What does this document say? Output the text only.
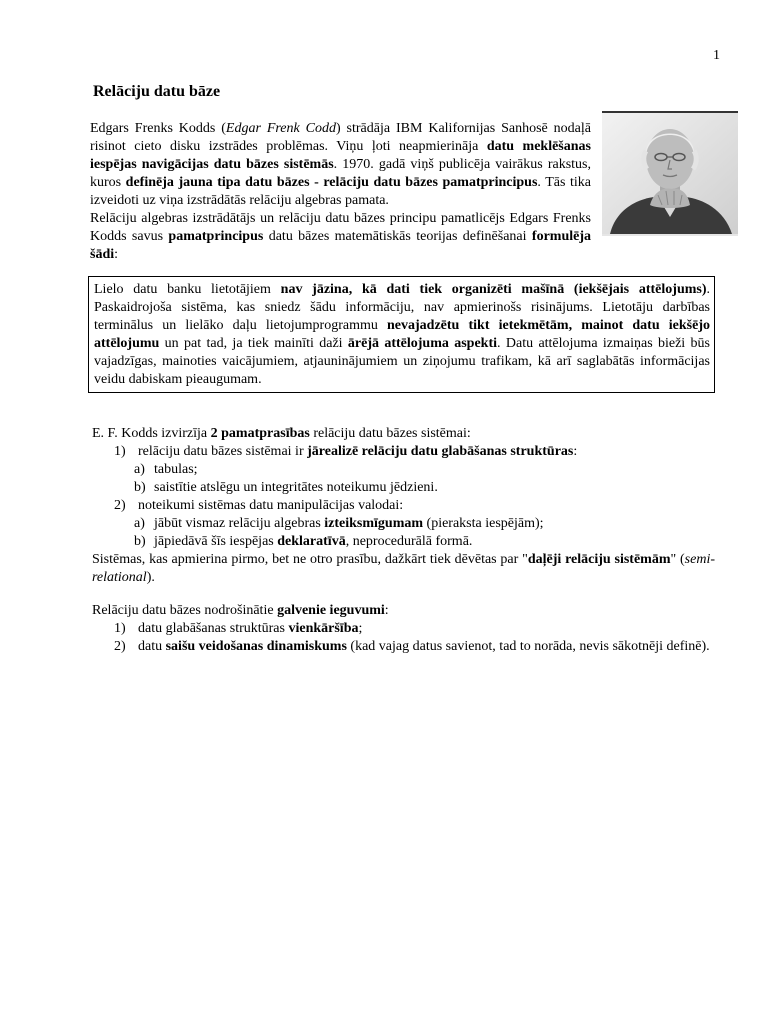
1
Relāciju datu bāze

Edgars Frenks Kodds (Edgar Frenk Codd) strādāja IBM Kalifornijas Sanhosē nodaļā risinot cieto disku izstrādes problēmas. Viņu ļoti neapmierināja datu meklēšanas iespējas navigācijas datu bāzes sistēmās. 1970. gadā viņš publicēja vairākus rakstus, kuros definēja jauna tipa datu bāzes - relāciju datu bāzes pamatprincipus. Tās tika izveidoti uz viņa izstrādātās relāciju algebras pamata.
Relāciju algebras izstrādātājs un relāciju datu bāzes principu pamatlicējs Edgars Frenks Kodds savus pamatprincipus datu bāzes matemātiskās teorijas definēšanai formulēja šādi:

Lielo datu banku lietotājiem nav jāzina, kā dati tiek organizēti mašīnā (iekšējais attēlojums). Paskaidrojoša sistēma, kas sniedz šādu informāciju, nav apmierinošs risinājums. Lietotāju darbības terminālus un lielāko daļu lietojumprogrammu nevajadzētu tikt ietekmētām, mainot datu iekšējo attēlojumu un pat tad, ja tiek mainīti daži ārējā attēlojuma aspekti. Datu attēlojuma izmaiņas bieži būs vajadzīgas, mainoties vaicājumiem, atjauninājumiem un ziņojumu trafikam, kā arī saglabātās informācijas veidu dabiskam pieaugumam.

E. F. Kodds izvirzīja 2 pamatprasības relāciju datu bāzes sistēmai:

1) relāciju datu bāzes sistēmai ir jārealizē relāciju datu glabāšanas struktūras:
a) tabulas;
b) saistītie atslēgu un integritātes noteikumu jēdzieni.
2) noteikumi sistēmas datu manipulācijas valodai:
a) jābūt vismaz relāciju algebras izteiksmīgumam (pieraksta iespējām);
b) jāpiedāvā šīs iespējas deklaratīvā, neprocedurālā formā.

Sistēmas, kas apmierina pirmo, bet ne otro prasību, dažkārt tiek dēvētas par "daļēji relāciju sistēmām" (semi-relational).

Relāciju datu bāzes nodrošinātie galvenie ieguvumi:

1) datu glabāšanas struktūras vienkāršība;
2) datu saišu veidošanas dinamiskums (kad vajag datus savienot, tad to norāda, nevis sākotnēji definē).
